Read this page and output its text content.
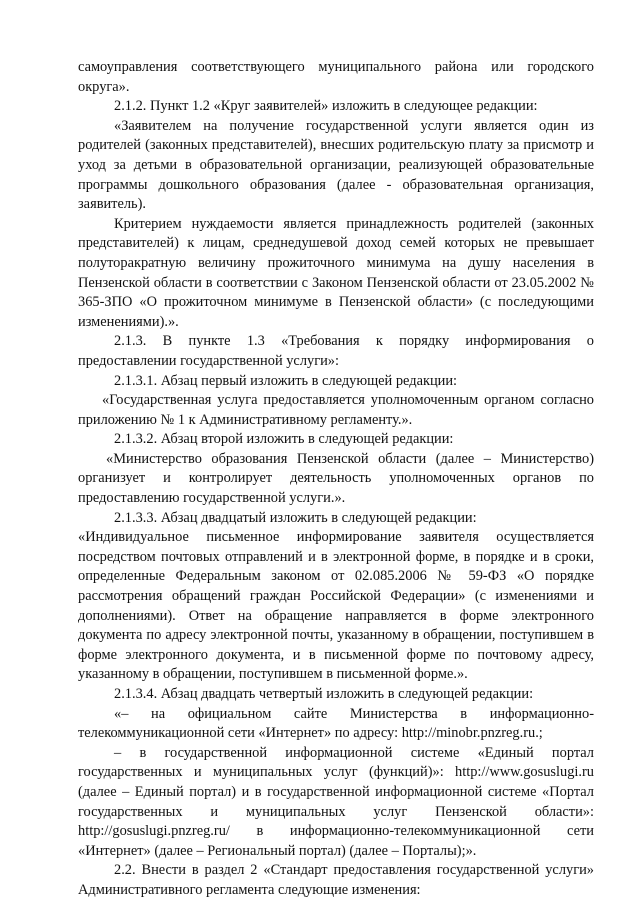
самоуправления соответствующего муниципального района или городского округа».

2.1.2. Пункт 1.2 «Круг заявителей» изложить в следующее редакции:

«Заявителем на получение государственной услуги является один из родителей (законных представителей), внесших родительскую плату за присмотр и уход за детьми в образовательной организации, реализующей образовательные программы дошкольного образования (далее - образовательная организация, заявитель).

Критерием нуждаемости является принадлежность родителей (законных представителей) к лицам, среднедушевой доход семей которых не превышает полуторакратную величину прожиточного минимума на душу населения в Пензенской области в соответствии с Законом Пензенской области от 23.05.2002 № 365-ЗПО «О прожиточном минимуме в Пензенской области» (с последующими изменениями).».

2.1.3. В пункте 1.3 «Требования к порядку информирования о предоставлении государственной услуги»:

2.1.3.1. Абзац первый изложить в следующей редакции:

«Государственная услуга предоставляется уполномоченным органом согласно приложению № 1 к Административному регламенту.».

2.1.3.2. Абзац второй изложить в следующей редакции:

«Министерство образования Пензенской области (далее – Министерство) организует и контролирует деятельность уполномоченных органов по предоставлению государственной услуги.».

2.1.3.3. Абзац двадцатый изложить в следующей редакции:

«Индивидуальное письменное информирование заявителя осуществляется посредством почтовых отправлений и в электронной форме, в порядке и в сроки, определенные Федеральным законом от 02.085.2006 № 59-ФЗ «О порядке рассмотрения обращений граждан Российской Федерации» (с изменениями и дополнениями). Ответ на обращение направляется в форме электронного документа по адресу электронной почты, указанному в обращении, поступившем в форме электронного документа, и в письменной форме по почтовому адресу, указанному в обращении, поступившем в письменной форме.».

2.1.3.4. Абзац двадцать четвертый изложить в следующей редакции:

«– на официальном сайте Министерства в информационно-телекоммуникационной сети «Интернет» по адресу: http://minobr.pnzreg.ru.;

– в государственной информационной системе «Единый портал государственных и муниципальных услуг (функций)»: http://www.gosuslugi.ru (далее – Единый портал) и в государственной информационной системе «Портал государственных и муниципальных услуг Пензенской области»: http://gosuslugi.pnzreg.ru/ в информационно-телекоммуникационной сети «Интернет» (далее – Региональный портал) (далее – Порталы);».

2.2. Внести в раздел 2 «Стандарт предоставления государственной услуги» Административного регламента следующие изменения:
